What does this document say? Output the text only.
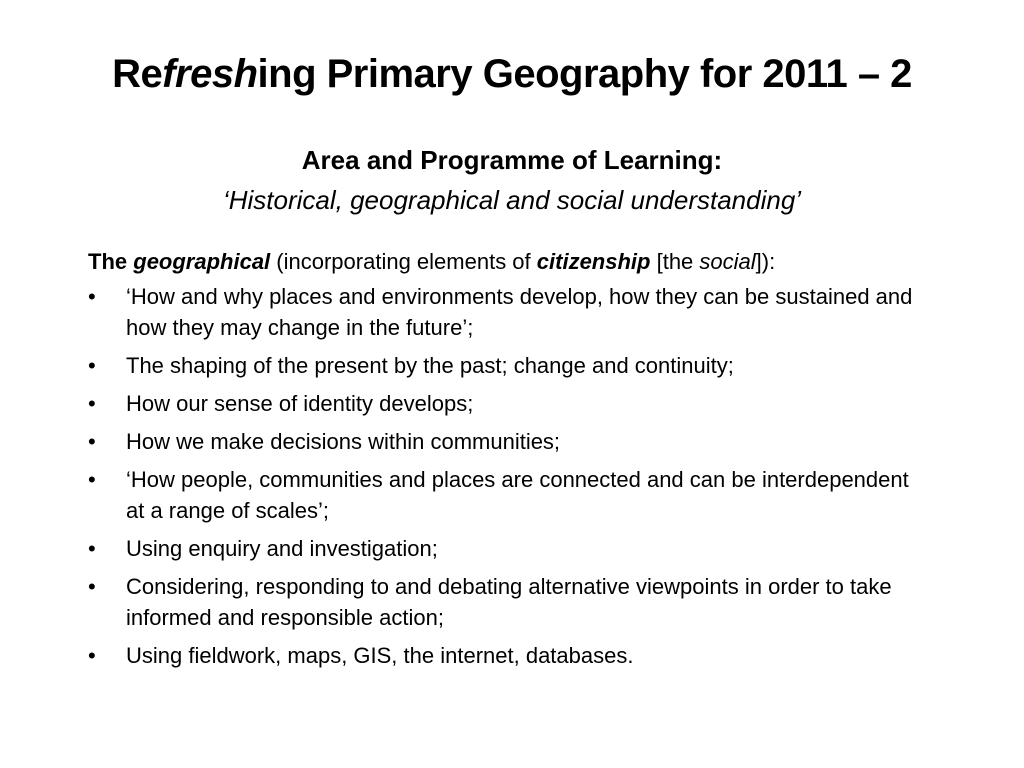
Refreshing Primary Geography for 2011 – 2
Area and Programme of Learning:
‘Historical, geographical and social understanding’

The geographical (incorporating elements of citizenship [the social]):

• ‘How and why places and environments develop, how they can be sustained and how they may change in the future’;
• The shaping of the present by the past; change and continuity;
• How our sense of identity develops;
• How we make decisions within communities;
• ‘How people, communities and places are connected and can be interdependent at a range of scales’;
• Using enquiry and investigation;
• Considering, responding to and debating alternative viewpoints in order to take informed and responsible action;
• Using fieldwork, maps, GIS, the internet, databases.
